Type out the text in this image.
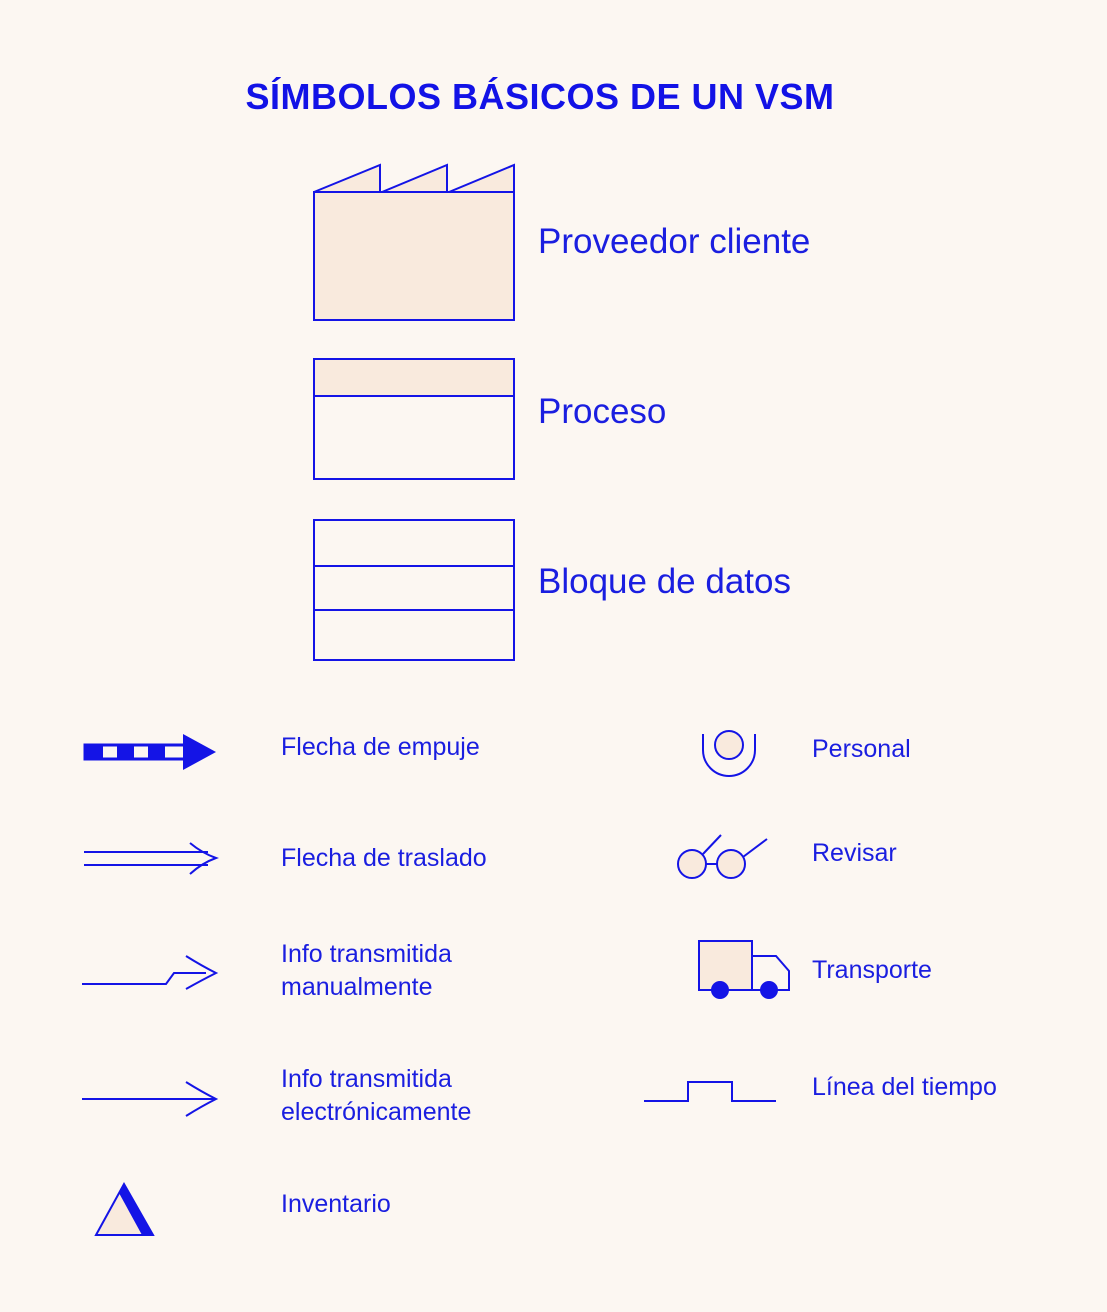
SÍMBOLOS BÁSICOS DE UN VSM
Proveedor cliente
Proceso
Bloque de datos
Flecha de empuje
Flecha de traslado
Info transmitida
manualmente
Info transmitida
electrónicamente
Inventario
Personal
Revisar
Transporte
Línea del tiempo
